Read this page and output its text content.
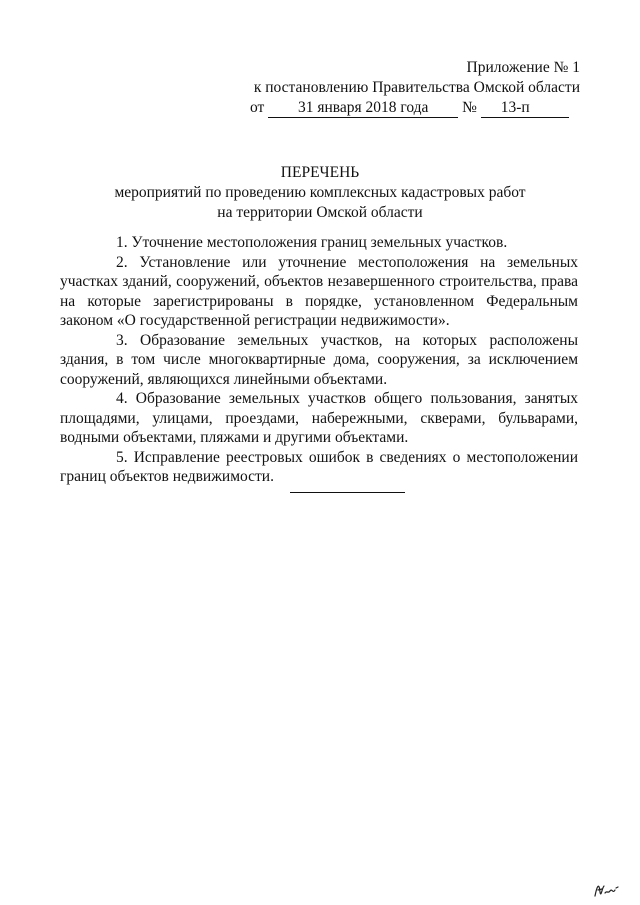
Приложение № 1
к постановлению Правительства Омской области
от 31 января 2018 года № 13-п
ПЕРЕЧЕНЬ
мероприятий по проведению комплексных кадастровых работ
на территории Омской области

1. Уточнение местоположения границ земельных участков.

2. Установление или уточнение местоположения на земельных участках зданий, сооружений, объектов незавершенного строительства, права на которые зарегистрированы в порядке, установленном Федеральным законом «О государственной регистрации недвижимости».

3. Образование земельных участков, на которых расположены здания, в том числе многоквартирные дома, сооружения, за исключением сооружений, являющихся линейными объектами.

4. Образование земельных участков общего пользования, занятых площадями, улицами, проездами, набережными, скверами, бульварами, водными объектами, пляжами и другими объектами.

5. Исправление реестровых ошибок в сведениях о местоположении границ объектов недвижимости.
